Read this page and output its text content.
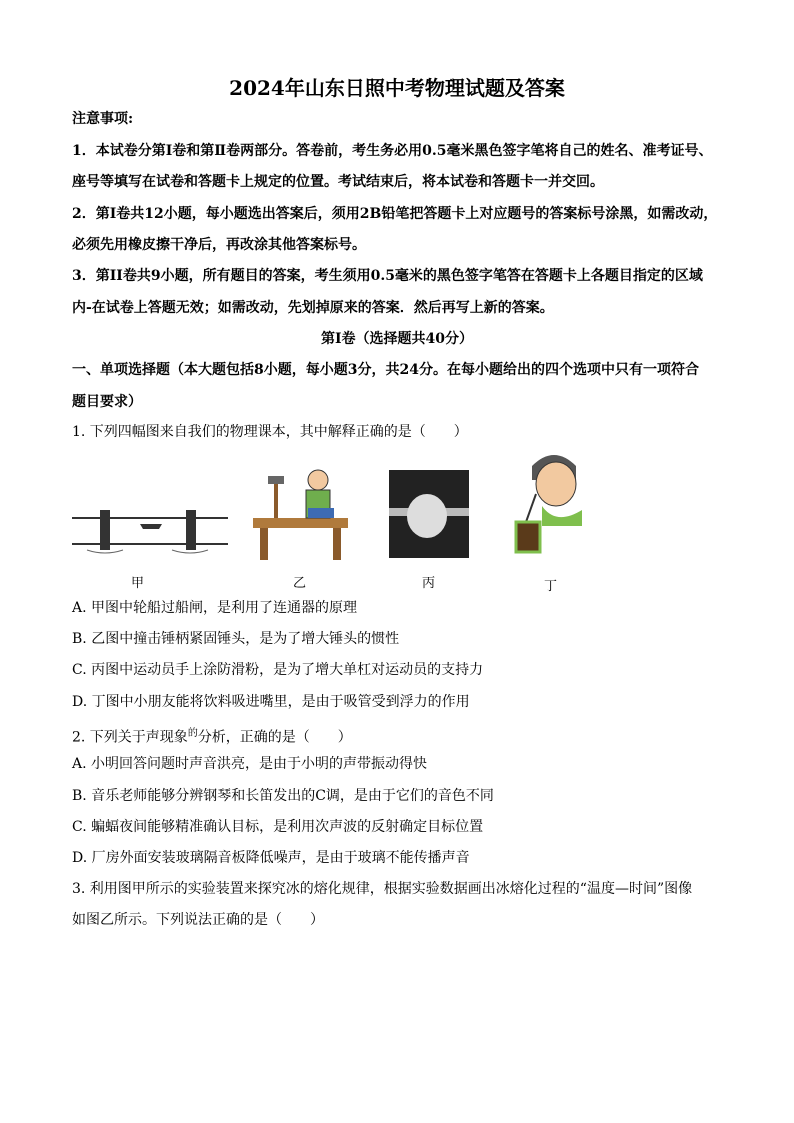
2024年山东日照中考物理试题及答案
注意事项:
1．本试卷分第Ⅰ卷和第Ⅱ卷两部分。答卷前，考生务必用0.5毫米黑色签字笔将自己的姓名、准考证号、
座号等填写在试卷和答题卡上规定的位置。考试结束后，将本试卷和答题卡一并交回。
2．第Ⅰ卷共12小题，每小题选出答案后，须用2B铅笔把答题卡上对应题号的答案标号涂黑，如需改动，
必须先用橡皮擦干净后，再改涂其他答案标号。
3．第II卷共9小题，所有题目的答案，考生须用0.5毫米的黑色签字笔答在答题卡上各题目指定的区域
内-在试卷上答题无效；如需改动，先划掉原来的答案．然后再写上新的答案。
第Ⅰ卷（选择题共40分）
一、单项选择题（本大题包括8小题，每小题3分，共24分。在每小题给出的四个选项中只有一项符合
题目要求）
1. 下列四幅图来自我们的物理课本，其中解释正确的是（　　）
甲	乙	丙	丁
A. 甲图中轮船过船闸，是利用了连通器的原理
B. 乙图中撞击锤柄紧固锤头，是为了增大锤头的惯性
C. 丙图中运动员手上涂防滑粉，是为了增大单杠对运动员的支持力
D. 丁图中小朋友能将饮料吸进嘴里，是由于吸管受到浮力的作用
2. 下列关于声现象$^的$分析，正确的是（　　）
A. 小明回答问题时声音洪亮，是由于小明的声带振动得快
B. 音乐老师能够分辨钢琴和长笛发出的C调，是由于它们的音色不同
C. 蝙蝠夜间能够精准确认目标，是利用次声波的反射确定目标位置
D. 厂房外面安装玻璃隔音板降低噪声，是由于玻璃不能传播声音
3. 利用图甲所示的实验装置来探究冰的熔化规律，根据实验数据画出冰熔化过程的“温度—时间”图像
如图乙所示。下列说法正确的是（　　）
